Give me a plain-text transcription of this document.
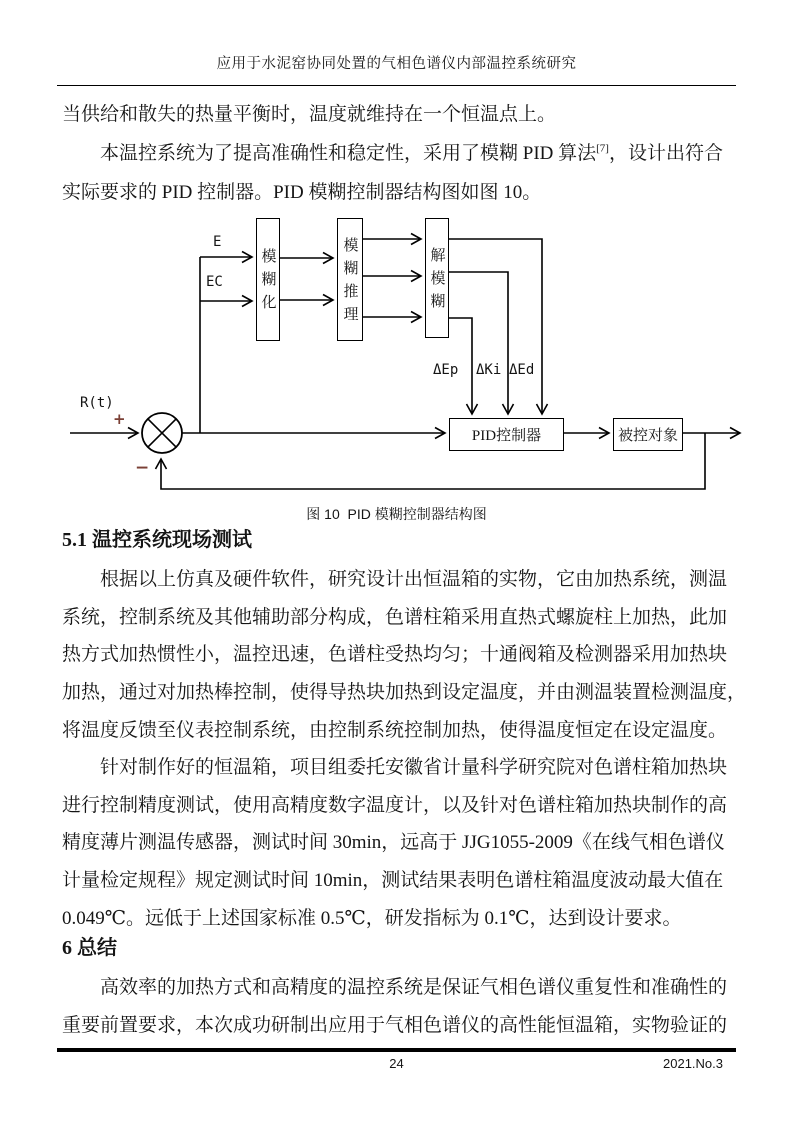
应用于水泥窑协同处置的气相色谱仪内部温控系统研究
当供给和散失的热量平衡时，温度就维持在一个恒温点上。
本温控系统为了提高准确性和稳定性，采用了模糊 PID 算法[7]，设计出符合
实际要求的 PID 控制器。PID 模糊控制器结构图如图 10。
模糊化	模糊推理	解模糊
PID控制器	被控对象
R(t)
+
−
E
EC
ΔEp ΔKi ΔEd
图 10  PID 模糊控制器结构图
5.1 温控系统现场测试
根据以上仿真及硬件软件，研究设计出恒温箱的实物，它由加热系统，测温
系统，控制系统及其他辅助部分构成，色谱柱箱采用直热式螺旋柱上加热，此加
热方式加热惯性小，温控迅速，色谱柱受热均匀；十通阀箱及检测器采用加热块
加热，通过对加热棒控制，使得导热块加热到设定温度，并由测温装置检测温度，
将温度反馈至仪表控制系统，由控制系统控制加热，使得温度恒定在设定温度。
针对制作好的恒温箱，项目组委托安徽省计量科学研究院对色谱柱箱加热块
进行控制精度测试，使用高精度数字温度计，以及针对色谱柱箱加热块制作的高
精度薄片测温传感器，测试时间 30min，远高于 JJG1055-2009《在线气相色谱仪
计量检定规程》规定测试时间 10min，测试结果表明色谱柱箱温度波动最大值在
0.049℃。远低于上述国家标准 0.5℃，研发指标为 0.1℃，达到设计要求。
6 总结
高效率的加热方式和高精度的温控系统是保证气相色谱仪重复性和准确性的
重要前置要求，本次成功研制出应用于气相色谱仪的高性能恒温箱，实物验证的
24	2021.No.3
